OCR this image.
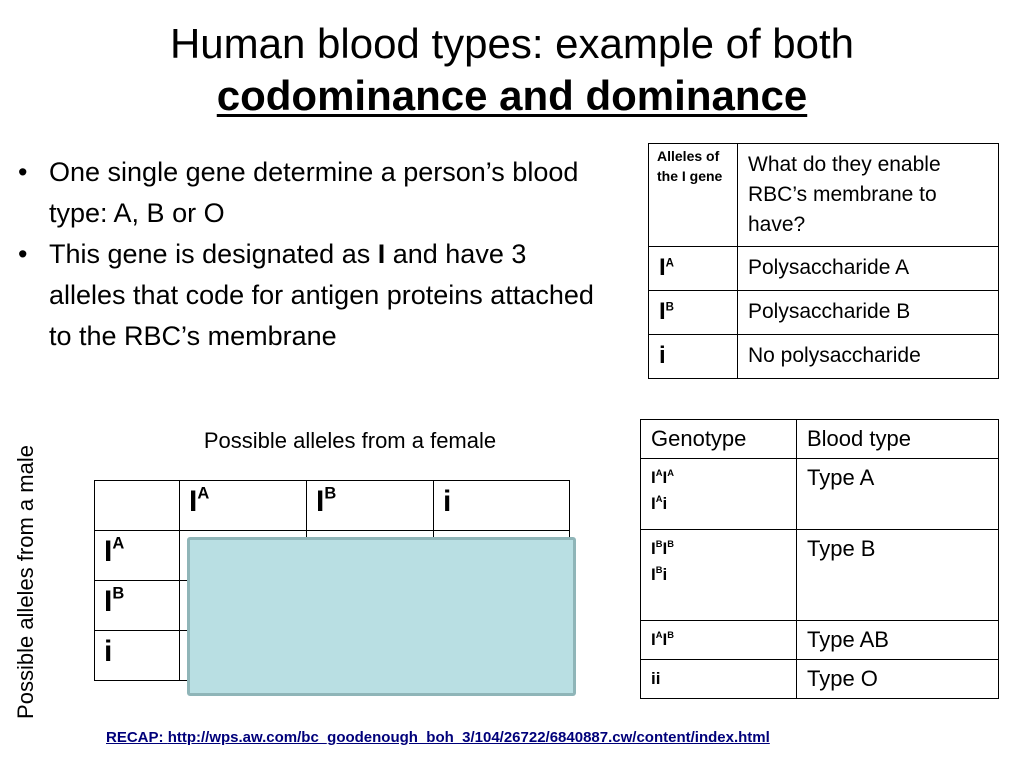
Human blood types: example of both
codominance and dominance
• One single gene determine a person’s blood type: A, B or O
• This gene is designated as I and have 3 alleles that code for antigen proteins attached to the RBC’s membrane
Alleles of the I gene	What do they enable RBC’s membrane to have?
$I^A$	Polysaccharide A
$I^B$	Polysaccharide B
i	No polysaccharide
Possible alleles from a female
Possible alleles from a male
		$I^A$	$I^B$	i
$I^A$			
$I^B$			
i			
Genotype	Blood type

$I^AI^A$
$I^Ai$	Type A

$I^BI^B$
$I^Bi$	Type B

$I^AI^B$	Type AB

ii	Type O
RECAP: http://wps.aw.com/bc_goodenough_boh_3/104/26722/6840887.cw/content/index.html
